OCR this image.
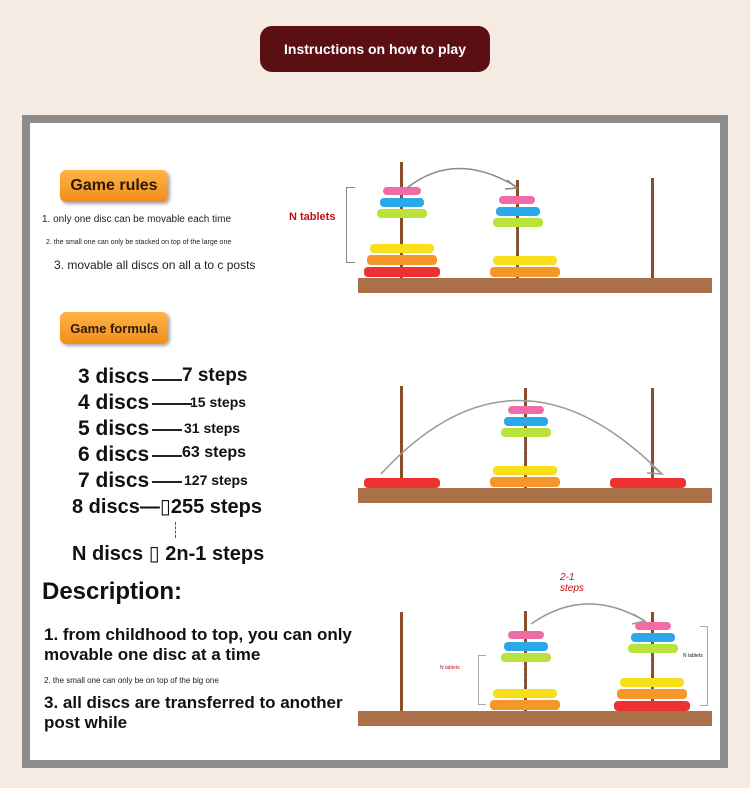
Instructions on how to play
Game rules
1. only one disc can be movable each time
2. the small one can only be stacked on top of the large one
3. movable all discs on all a to c posts
Game formula
3 discs 7 steps
4 discs	15 steps
5 discs 31 steps
6 discs 63 steps
7 discs 127 steps
8 discs—▯255 steps
N discs ▯ 2n-1 steps
Description:
1. from childhood to top, you can only movable one disc at a time
2. the small one can only be on top of the big one
3. all discs are transferred to another post while
N tablets
N tablets
N tablets
2-1 steps
